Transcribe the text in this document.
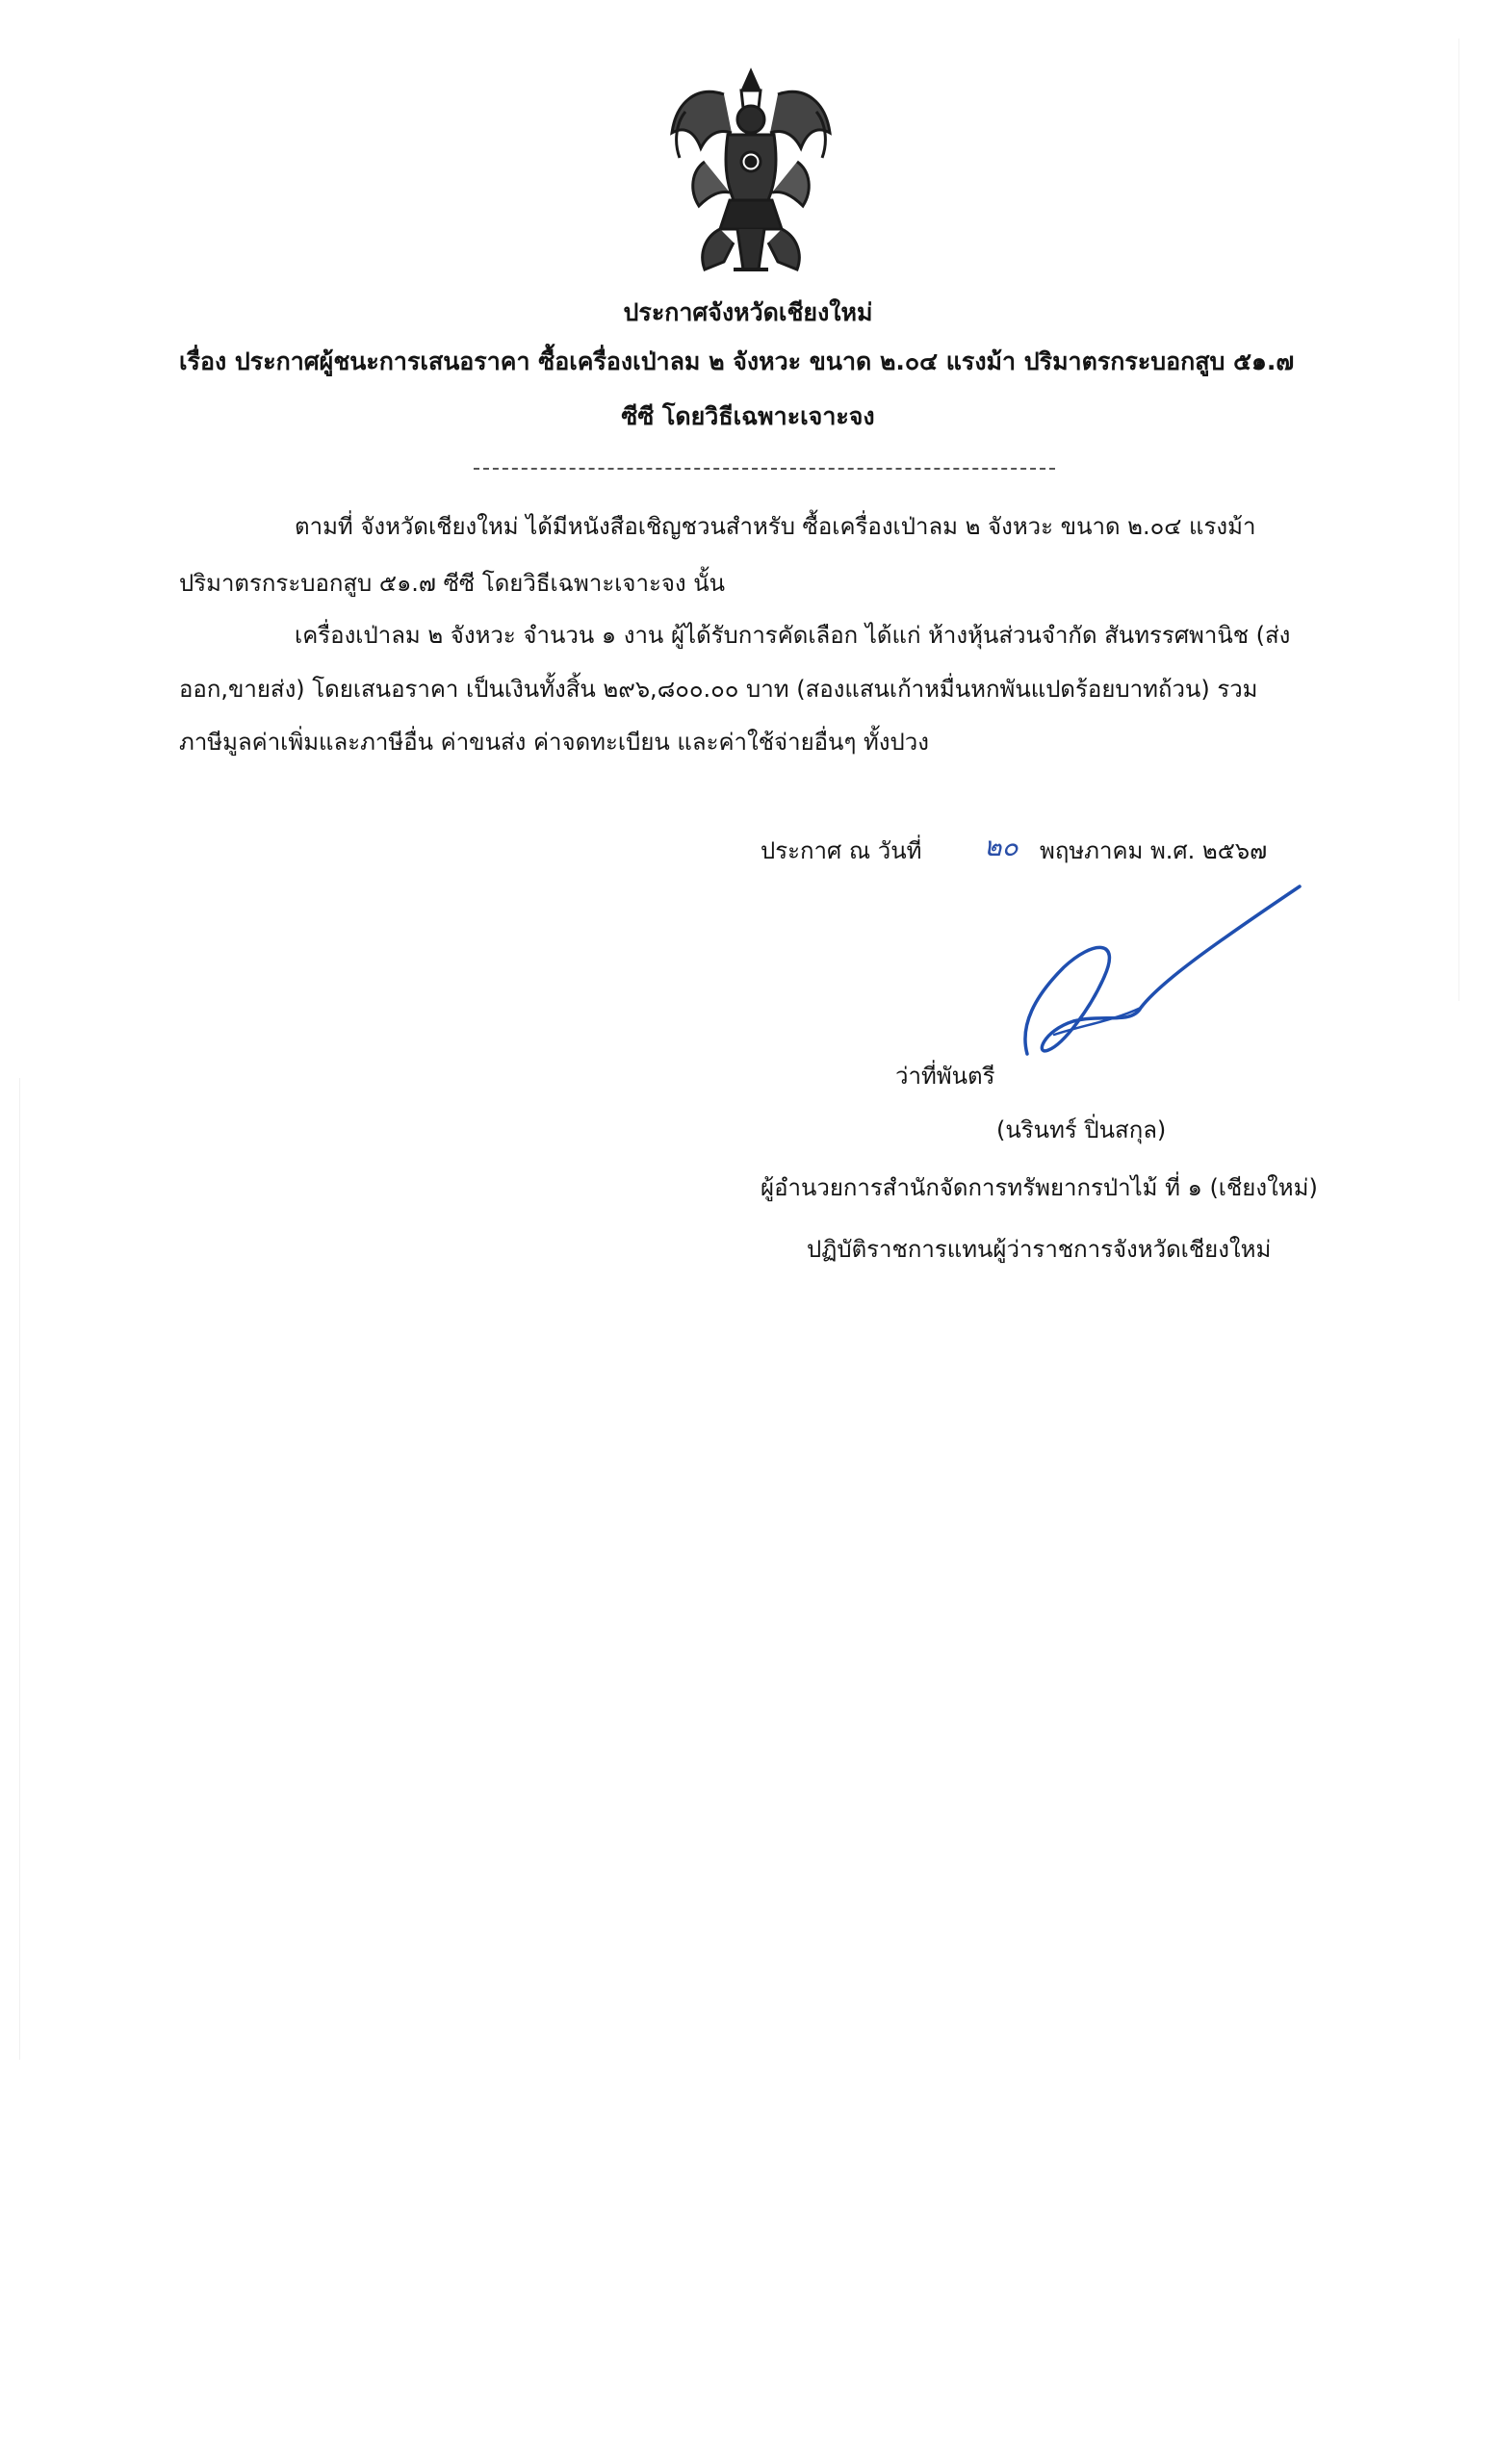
ประกาศจังหวัดเชียงใหม่
เรื่อง ประกาศผู้ชนะการเสนอราคา ซื้อเครื่องเป่าลม ๒ จังหวะ ขนาด ๒.๐๔ แรงม้า ปริมาตรกระบอกสูบ ๕๑.๗
ซีซี โดยวิธีเฉพาะเจาะจง
ตามที่ จังหวัดเชียงใหม่ ได้มีหนังสือเชิญชวนสำหรับ ซื้อเครื่องเป่าลม ๒ จังหวะ ขนาด ๒.๐๔ แรงม้า
ปริมาตรกระบอกสูบ ๕๑.๗ ซีซี โดยวิธีเฉพาะเจาะจง นั้น
เครื่องเป่าลม ๒ จังหวะ จำนวน ๑ งาน ผู้ได้รับการคัดเลือก ได้แก่ ห้างหุ้นส่วนจำกัด สันทรรศพานิช (ส่ง
ออก,ขายส่ง) โดยเสนอราคา เป็นเงินทั้งสิ้น ๒๙๖,๘๐๐.๐๐ บาท (สองแสนเก้าหมื่นหกพันแปดร้อยบาทถ้วน) รวม
ภาษีมูลค่าเพิ่มและภาษีอื่น ค่าขนส่ง ค่าจดทะเบียน และค่าใช้จ่ายอื่นๆ ทั้งปวง
ประกาศ ณ วันที่ ๒๐ พฤษภาคม พ.ศ. ๒๕๖๗
ว่าที่พันตรี
(นรินทร์ ปิ่นสกุล)
ผู้อำนวยการสำนักจัดการทรัพยากรป่าไม้ ที่ ๑ (เชียงใหม่)
ปฏิบัติราชการแทนผู้ว่าราชการจังหวัดเชียงใหม่
